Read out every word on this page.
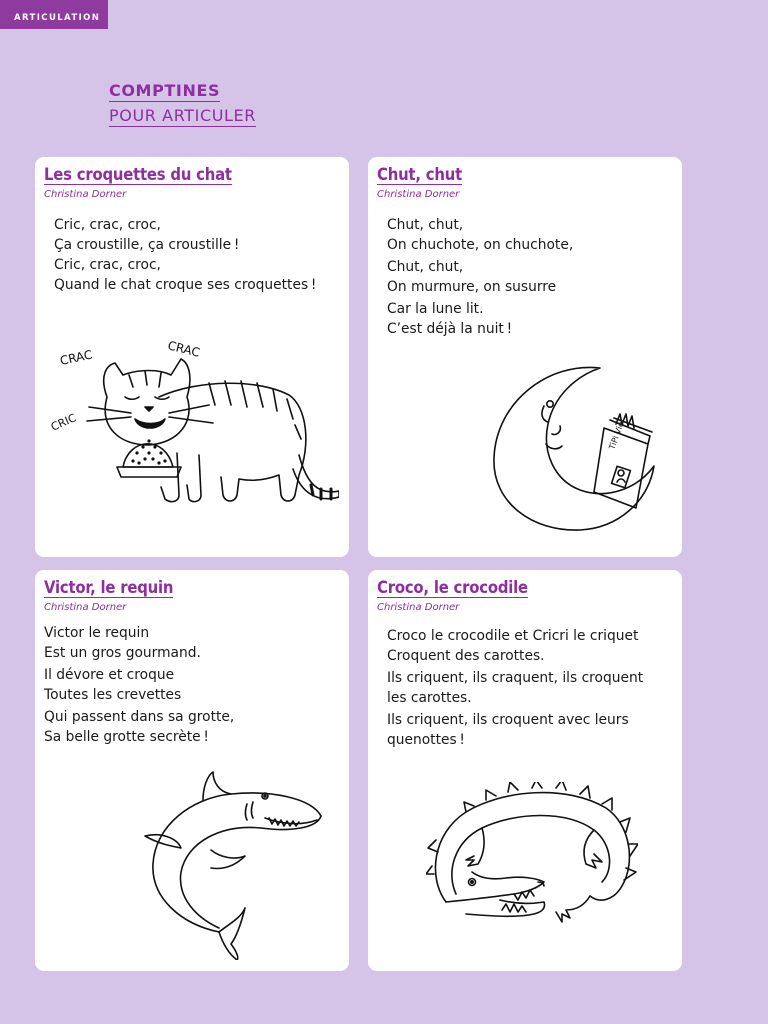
ARTICULATION
COMPTINES
POUR ARTICULER
Les croquettes du chat
Christina Dorner
Cric, crac, croc,
Ça croustille, ça croustille !
Cric, crac, croc,
Quand le chat croque ses croquettes !
CRAC	CRAC
CRIC
Chut, chut
Christina Dorner
Chut, chut,
On chuchote, on chuchote,
Chut, chut,
On murmure, on susurre
Car la lune lit.
C’est déjà la nuit !
TiPi Vie
Victor, le requin
Christina Dorner
Victor le requin
Est un gros gourmand.
Il dévore et croque
Toutes les crevettes
Qui passent dans sa grotte,
Sa belle grotte secrète !
Croco, le crocodile
Christina Dorner
Croco le crocodile et Cricri le criquet
Croquent des carottes.
Ils criquent, ils craquent, ils croquent
les carottes.
Ils criquent, ils croquent avec leurs
quenottes !
